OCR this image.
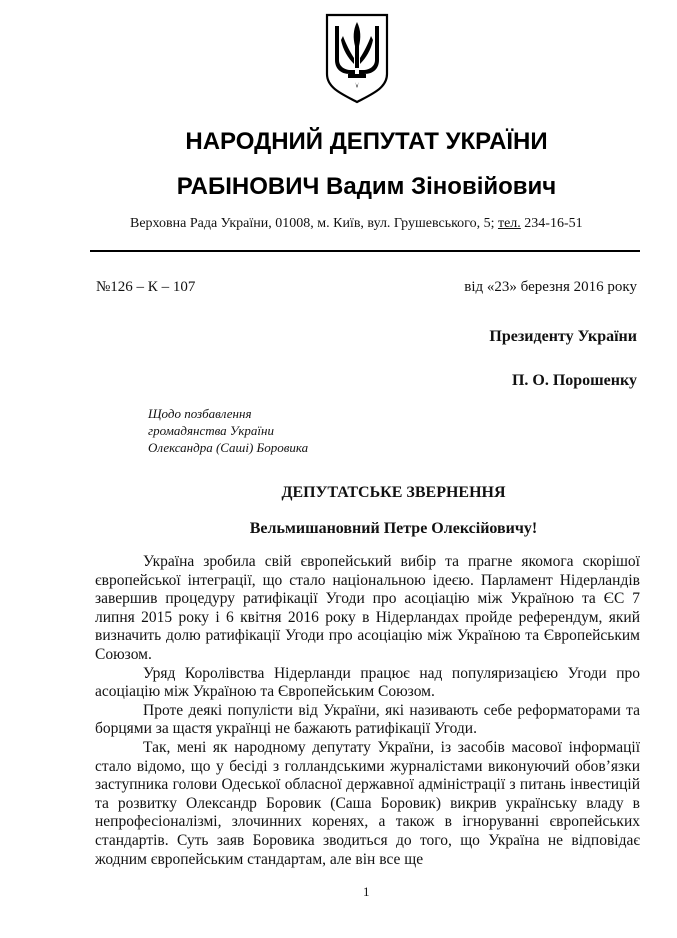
НАРОДНИЙ ДЕПУТАТ УКРАЇНИ
РАБІНОВИЧ Вадим Зіновійович
Верховна Рада України, 01008, м. Київ, вул. Грушевського, 5; тел. 234-16-51
№126 – К – 107	від «23» березня 2016 року
Президенту України
П. О. Порошенку
Щодо позбавлення
громадянства України
Олександра (Саші) Боровика
ДЕПУТАТСЬКЕ ЗВЕРНЕННЯ
Вельмишановний Петре Олексійовичу!

Україна зробила свій європейський вибір та прагне якомога скорішої європейської інтеграції, що стало національною ідеєю. Парламент Нідерландів завершив процедуру ратифікації Угоди про асоціацію між Україною та ЄС 7 липня 2015 року і 6 квітня 2016 року в Нідерландах пройде референдум, який визначить долю ратифікації Угоди про асоціацію між Україною та Європейським Союзом.

Уряд Королівства Нідерланди працює над популяризацією Угоди про асоціацію між Україною та Європейським Союзом.

Проте деякі популісти від України, які називають себе реформаторами та борцями за щастя українці не бажають ратифікації Угоди.

Так, мені як народному депутату України, із засобів масової інформації стало відомо, що у бесіді з голландськими журналістами виконуючий обов’язки заступника голови Одеської обласної державної адміністрації з питань інвестицій та розвитку Олександр Боровик (Саша Боровик) викрив українську владу в непрофесіоналізмі, злочинних коренях, а також в ігноруванні європейських стандартів. Суть заяв Боровика зводиться до того, що Україна не відповідає жодним європейським стандартам, але він все ще

1
